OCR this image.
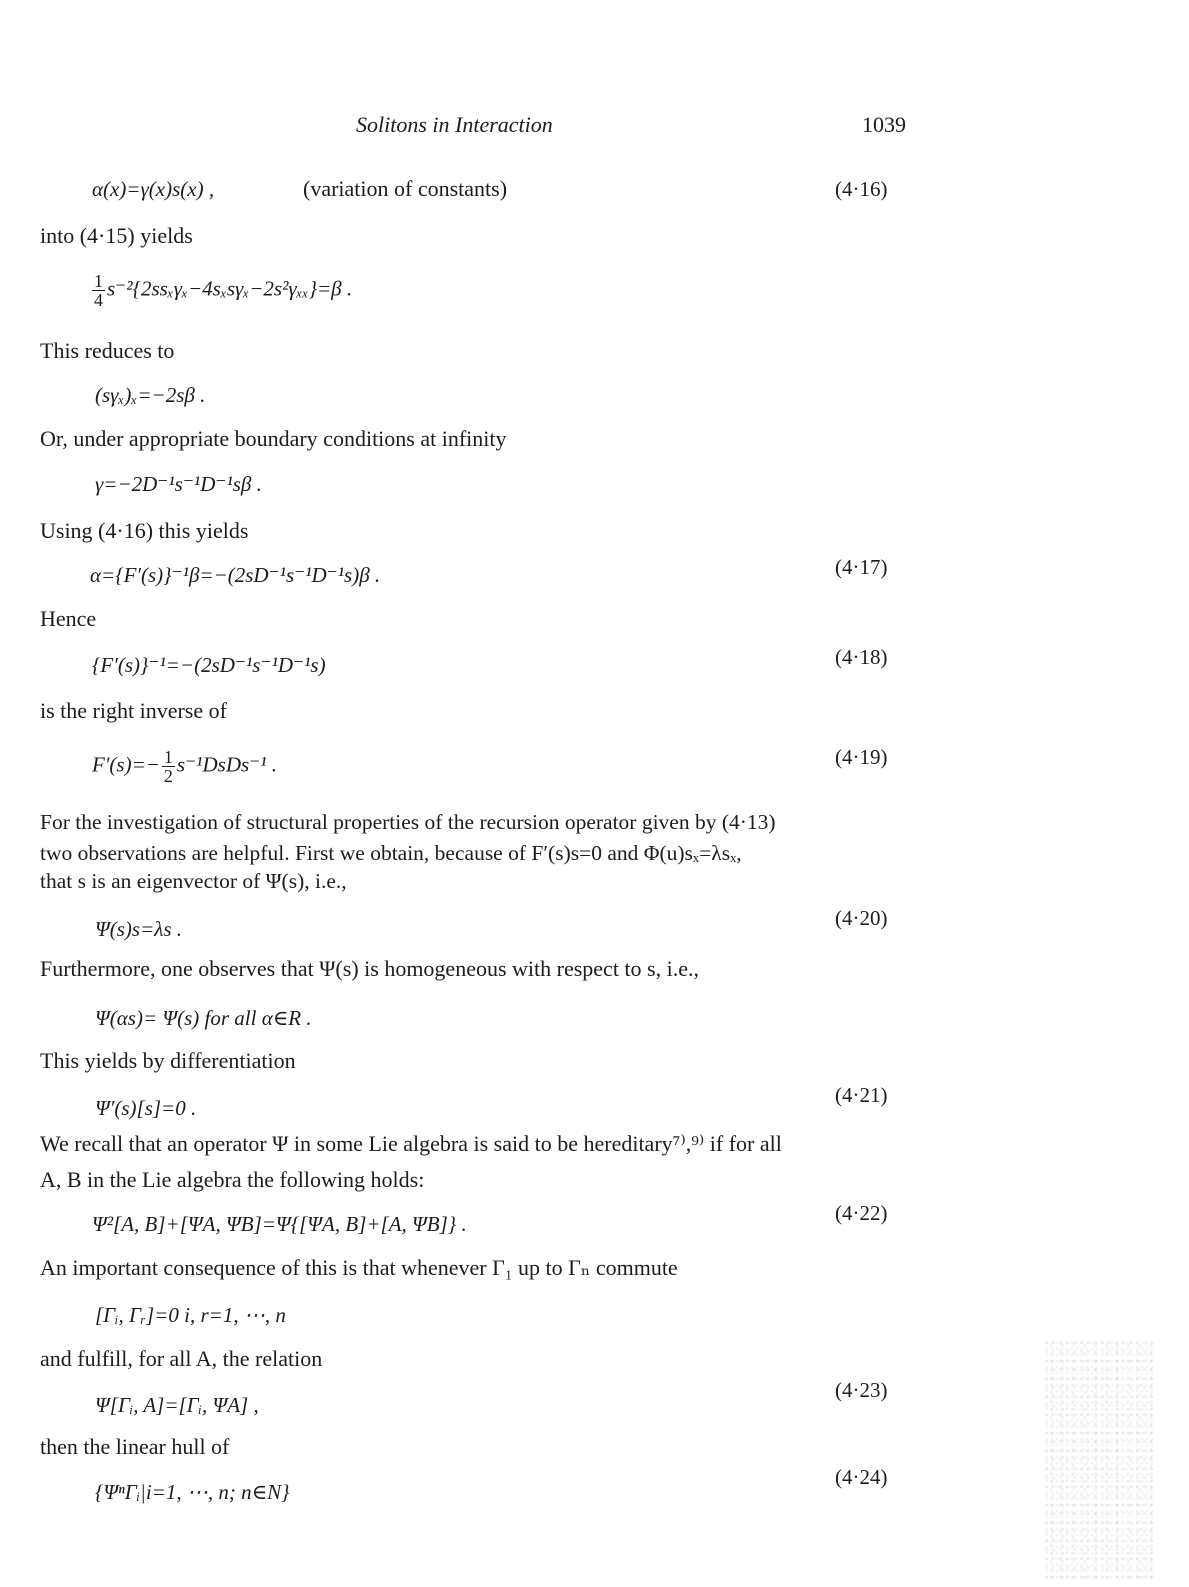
Solitons in Interaction	1039
α(x)=γ(x)s(x) ,	(variation of constants)	(4·16)
into (4·15) yields
$\frac{1}{4} s^{-2}\{2ss_x\gamma_x-4s_xs\gamma_x-2s^2\gamma_{xx}\}=\beta$ .
This reduces to
(sγₓ)ₓ=−2sβ .
Or, under appropriate boundary conditions at infinity
γ=−2D⁻¹s⁻¹D⁻¹sβ .
Using (4·16) this yields
α={F′(s)}⁻¹β=−(2sD⁻¹s⁻¹D⁻¹s)β .	(4·17)
Hence
{F′(s)}⁻¹=−(2sD⁻¹s⁻¹D⁻¹s)	(4·18)
is the right inverse of
$F'(s)=- \frac{1}{2}$ s⁻¹DsDs⁻¹ .	(4·19)
For the investigation of structural properties of the recursion operator given by (4·13)
two observations are helpful. First we obtain, because of F′(s)s=0 and Φ(u)sₓ=λsₓ,
that s is an eigenvector of Ψ(s), i.e.,
Ψ(s)s=λs .	(4·20)
Furthermore, one observes that Ψ(s) is homogeneous with respect to s, i.e.,
Ψ(αs)= Ψ(s) for all α∈R .
This yields by differentiation
Ψ′(s)[s]=0 .
(4·21)
We recall that an operator Ψ in some Lie algebra is said to be hereditary⁷⁾,⁹⁾ if for all
A, B in the Lie algebra the following holds:
Ψ²[A, B]+[ΨA, ΨB]=Ψ{[ΨA, B]+[A, ΨB]} .	(4·22)
An important consequence of this is that whenever Γ₁ up to Γₙ commute
[Γᵢ, Γᵣ]=0 i, r=1, ⋯, n
and fulfill, for all A, the relation
Ψ[Γᵢ, A]=[Γᵢ, ΨA] ,
(4·23)
then the linear hull of
{ΨⁿΓᵢ|i=1, ⋯, n; n∈N}
(4·24)
